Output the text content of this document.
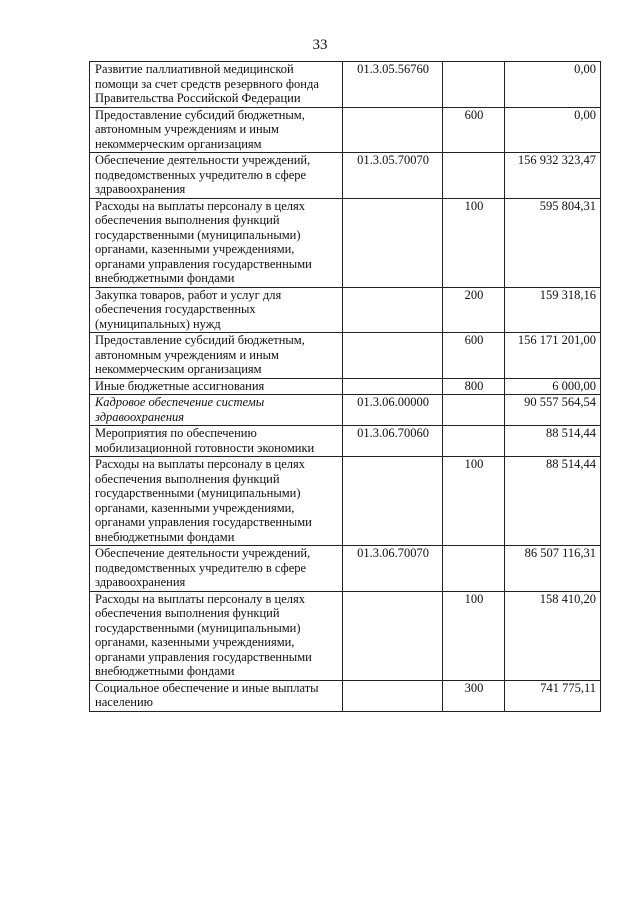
33
Развитие паллиативной медицинской помощи за счет средств резервного фонда Правительства Российской Федерации	01.3.05.56760		0,00

Предоставление субсидий бюджетным, автономным учреждениям и иным некоммерческим организациям		600	0,00

Обеспечение деятельности учреждений, подведомственных учредителю в сфере здравоохранения	01.3.05.70070		156 932 323,47

Расходы на выплаты персоналу в целях обеспечения выполнения функций государственными (муниципальными) органами, казенными учреждениями, органами управления государственными внебюджетными фондами		100	595 804,31

Закупка товаров, работ и услуг для обеспечения государственных (муниципальных) нужд		200	159 318,16

Предоставление субсидий бюджетным, автономным учреждениям и иным некоммерческим организациям		600	156 171 201,00

Иные бюджетные ассигнования		800	6 000,00

Кадровое обеспечение системы здравоохранения	01.3.06.00000		90 557 564,54

Мероприятия по обеспечению мобилизационной готовности экономики	01.3.06.70060		88 514,44

Расходы на выплаты персоналу в целях обеспечения выполнения функций государственными (муниципальными) органами, казенными учреждениями, органами управления государственными внебюджетными фондами		100	88 514,44

Обеспечение деятельности учреждений, подведомственных учредителю в сфере здравоохранения	01.3.06.70070		86 507 116,31

Расходы на выплаты персоналу в целях обеспечения выполнения функций государственными (муниципальными) органами, казенными учреждениями, органами управления государственными внебюджетными фондами		100	158 410,20

Социальное обеспечение и иные выплаты населению		300	741 775,11
